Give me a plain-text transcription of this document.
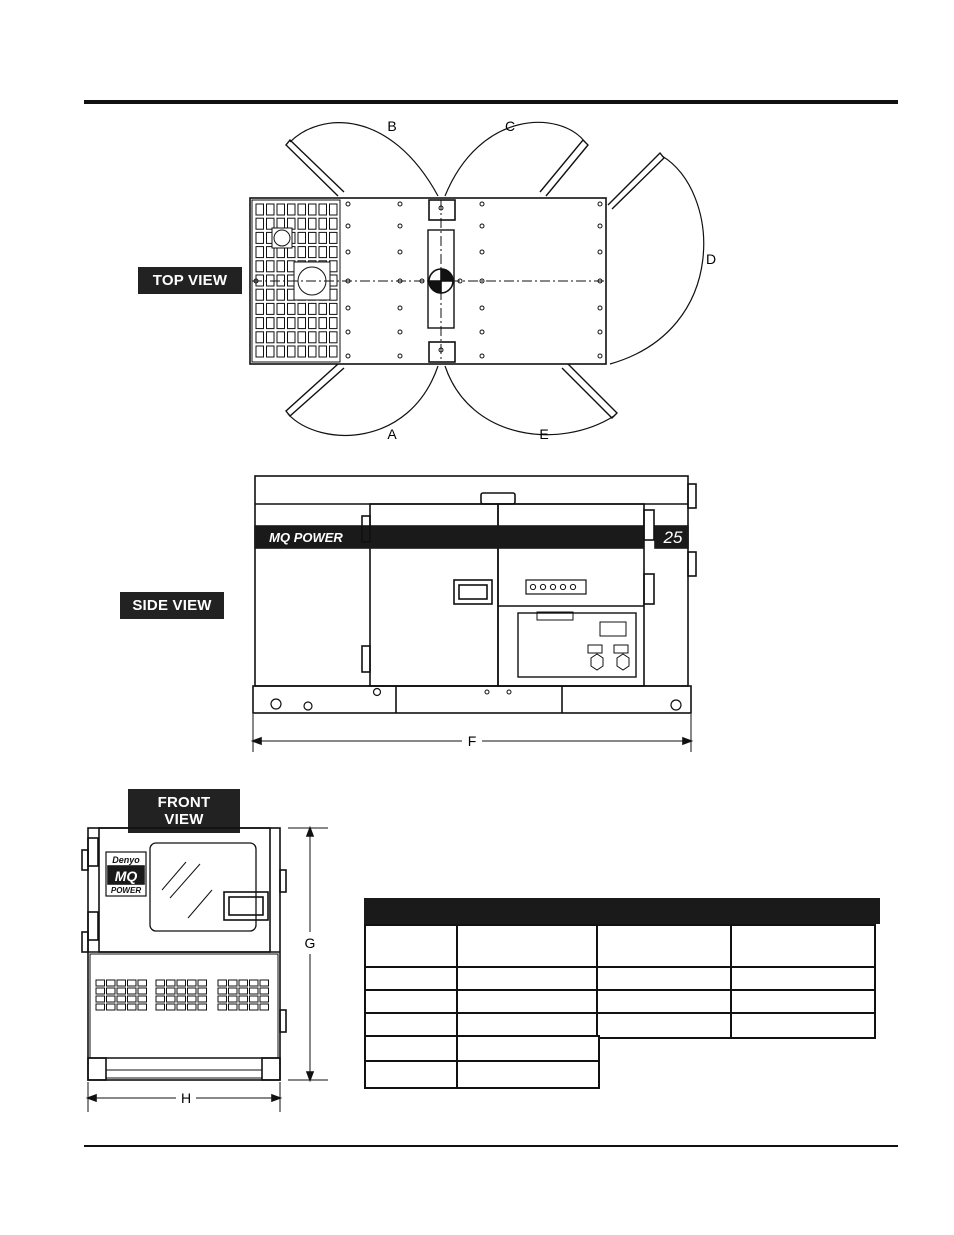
TOP VIEW
SIDE VIEW
FRONT VIEW
B	C
D
A	E
MQ POWER	25
F
Denyo
MQ
POWER
G
H
